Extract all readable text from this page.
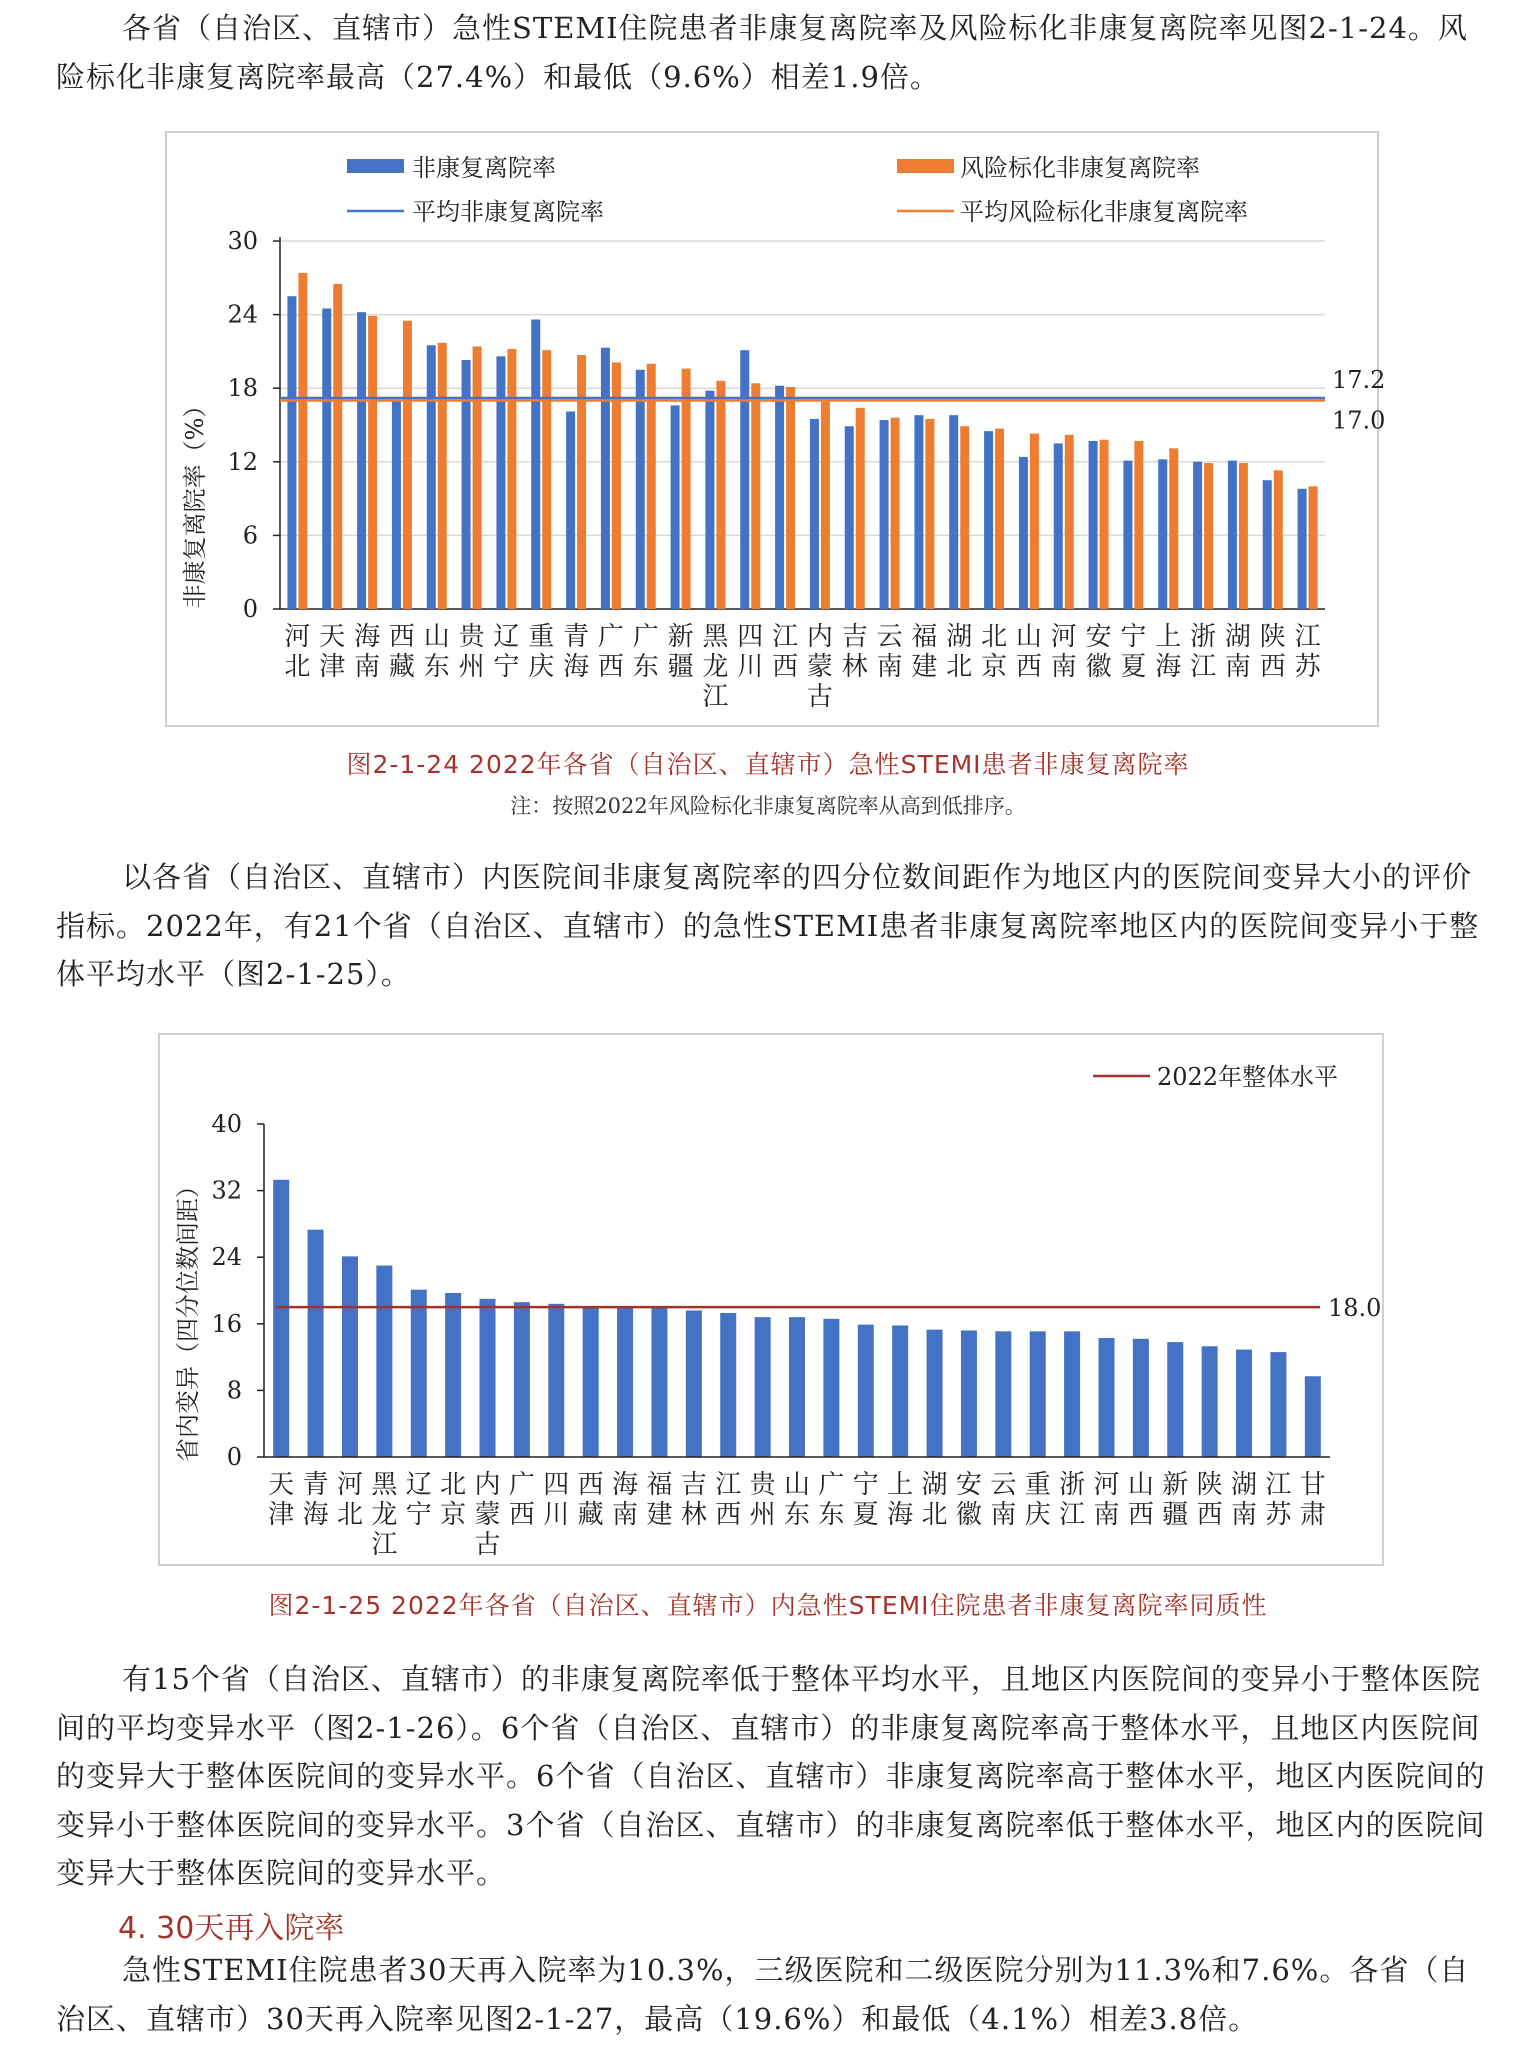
各省（自治区、直辖市）急性STEMI住院患者非康复离院率及风险标化非康复离院率见图2-1-24。风险标化非康复离院率最高（27.4%）和最低（9.6%）相差1.9倍。

非康复离院率	风险标化非康复离院率
平均非康复离院率	平均风险标化非康复离院率
非康复离院率（%）
0
6
12
18
24
30
河
北
天
津
海
南
西
藏
山
东
贵
州
辽
宁
重
庆
青
海
广
西
广
东
新
疆
黑
龙
江
四
川
江
西
内
蒙
古
吉
林
云
南
福
建
湖
北
北
京
山
西
河
南
安
徽
宁
夏
上
海
浙
江
湖
南
陕
西
江
苏
17.2
17.0
图2-1-24 2022年各省（自治区、直辖市）急性STEMI患者非康复离院率
注：按照2022年风险标化非康复离院率从高到低排序。

以各省（自治区、直辖市）内医院间非康复离院率的四分位数间距作为地区内的医院间变异大小的评价指标。2022年，有21个省（自治区、直辖市）的急性STEMI患者非康复离院率地区内的医院间变异小于整体平均水平（图2-1-25）。

2022年整体水平
省内变异（四分位数间距） 0
8
16
24
32
40
天
津
青
海
河
北
黑
龙
江
辽
宁
北
京
内
蒙
古
广
西
四
川
西
藏
海
南
福
建
吉
林
江
西
贵
州
山
东
广
东
宁
夏
上
海
湖
北
安
徽
云
南
重
庆
浙
江
河
南
山
西
新
疆
陕
西
湖
南
江
苏
甘
肃
18.0
图2-1-25 2022年各省（自治区、直辖市）内急性STEMI住院患者非康复离院率同质性

有15个省（自治区、直辖市）的非康复离院率低于整体平均水平，且地区内医院间的变异小于整体医院间的平均变异水平（图2-1-26）。6个省（自治区、直辖市）的非康复离院率高于整体水平，且地区内医院间的变异大于整体医院间的变异水平。6个省（自治区、直辖市）非康复离院率高于整体水平，地区内医院间的变异小于整体医院间的变异水平。3个省（自治区、直辖市）的非康复离院率低于整体水平，地区内的医院间变异大于整体医院间的变异水平。

4. 30天再入院率

急性STEMI住院患者30天再入院率为10.3%，三级医院和二级医院分别为11.3%和7.6%。各省（自治区、直辖市）30天再入院率见图2-1-27，最高（19.6%）和最低（4.1%）相差3.8倍。
